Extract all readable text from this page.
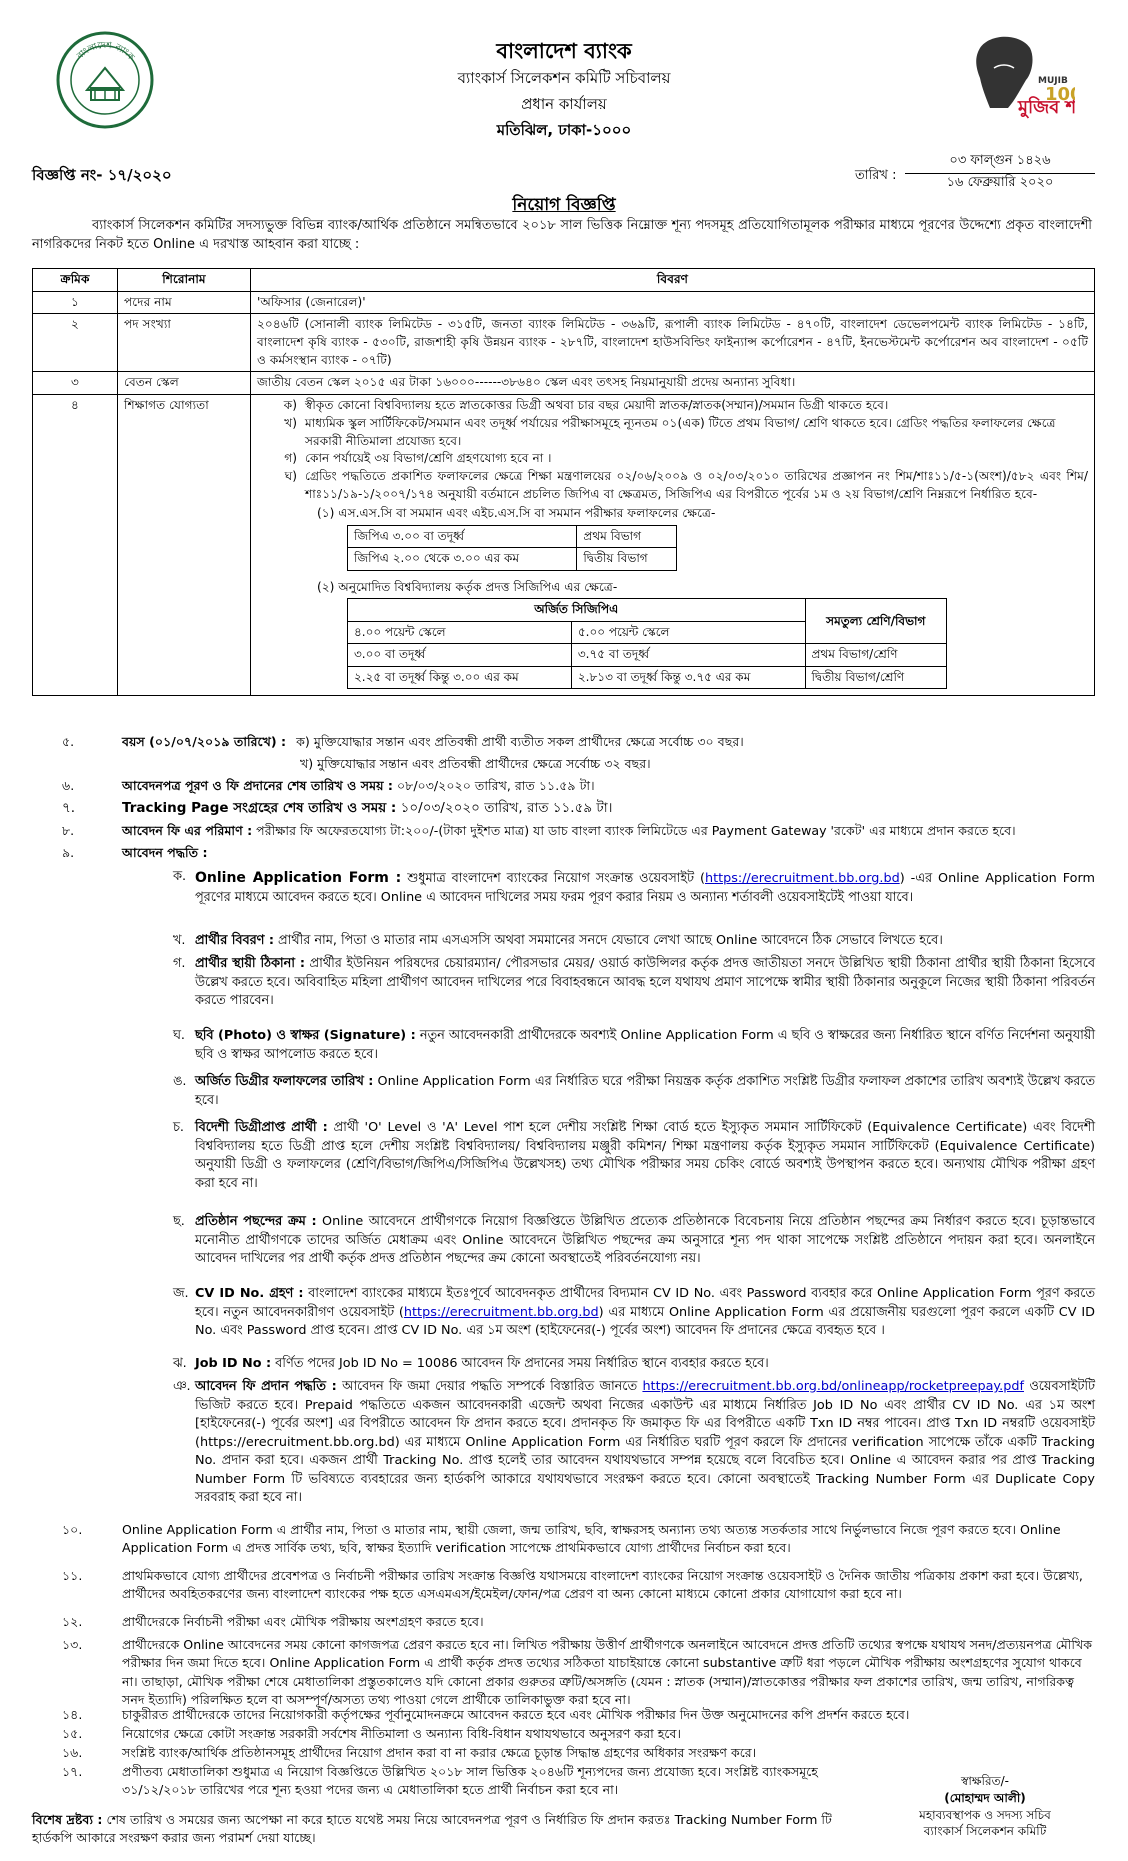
বাংলাদেশ ব্যাংক
মুজিব শ
10
MUJIB
বাংলাদেশ ব্যাংক
ব্যাংকার্স সিলেকশন কমিটি সচিবালয়
প্রধান কার্যালয়
মতিঝিল, ঢাকা-১০০০
বিজ্ঞপ্তি নং- ১৭/২০২০	তারিখ :
০৩ ফাল্গুন ১৪২৬
১৬ ফেব্রুয়ারি ২০২০
নিয়োগ বিজ্ঞপ্তি
ব্যাংকার্স সিলেকশন কমিটির সদস্যভুক্ত বিভিন্ন ব্যাংক/আর্থিক প্রতিষ্ঠানে সমন্বিতভাবে ২০১৮ সাল ভিত্তিক নিম্নোক্ত শূন্য পদসমূহ প্রতিযোগিতামূলক পরীক্ষার মাধ্যমে পূরণের উদ্দেশ্যে প্রকৃত বাংলাদেশী নাগরিকদের নিকট হতে Online এ দরখাস্ত আহবান করা যাচ্ছে :
ক্রমিক	শিরোনাম	বিবরণ
১	পদের নাম	'অফিসার (জেনারেল)'
২	পদ সংখ্যা	২০৪৬টি (সোনালী ব্যাংক লিমিটেড - ৩১৫টি, জনতা ব্যাংক লিমিটেড - ৩৬৯টি, রূপালী ব্যাংক লিমিটেড - ৪৭০টি, বাংলাদেশ ডেভেলপমেন্ট ব্যাংক লিমিটেড - ১৪টি, বাংলাদেশ কৃষি ব্যাংক - ৫৩০টি, রাজশাহী কৃষি উন্নয়ন ব্যাংক - ২৮৭টি, বাংলাদেশ হাউসবিল্ডিং ফাইন্যান্স কর্পোরেশন - ৪৭টি, ইনভেস্টমেন্ট কর্পোরেশন অব বাংলাদেশ - ০৫টি ও কর্মসংস্থান ব্যাংক - ০৭টি)
৩	বেতন স্কেল	জাতীয় বেতন স্কেল ২০১৫ এর টাকা ১৬০০০------৩৮৬৪০ স্কেল এবং তৎসহ নিয়মানুযায়ী প্রদেয় অন্যান্য সুবিধা।
৪	শিক্ষাগত যোগ্যতা	ক) স্বীকৃত কোনো বিশ্ববিদ্যালয় হতে স্নাতকোত্তর ডিগ্রী অথবা চার বছর মেয়াদী স্নাতক/স্নাতক(সম্মান)/সমমান ডিগ্রী থাকতে হবে।
খ) মাধ্যমিক স্কুল সার্টিফিকেট/সমমান এবং তদূর্ধ্ব পর্যায়ের পরীক্ষাসমূহে ন্যূনতম ০১(এক) টিতে প্রথম বিভাগ/ শ্রেণি থাকতে হবে। গ্রেডিং পদ্ধতির ফলাফলের ক্ষেত্রে সরকারী নীতিমালা প্রযোজ্য হবে।
গ) কোন পর্যায়েই ৩য় বিভাগ/শ্রেণি গ্রহণযোগ্য হবে না ।
ঘ) গ্রেডিং পদ্ধতিতে প্রকাশিত ফলাফলের ক্ষেত্রে শিক্ষা মন্ত্রণালয়ের ০২/০৬/২০০৯ ও ০২/০৩/২০১০ তারিখের প্রজ্ঞাপন নং শিম/শাঃ১১/৫-১(অংশ)/৫৮২ এবং শিম/শাঃ১১/১৯-১/২০০৭/১৭৪ অনুযায়ী বর্তমানে প্রচলিত জিপিএ বা ক্ষেত্রমত, সিজিপিএ এর বিপরীতে পূর্বের ১ম ও ২য় বিভাগ/শ্রেণি নিম্নরূপে নির্ধারিত হবে-
(১) এস.এস.সি বা সমমান এবং এইচ.এস.সি বা সমমান পরীক্ষার ফলাফলের ক্ষেত্রে-
জিপিএ ৩.০০ বা তদূর্ধ্ব	প্রথম বিভাগ
জিপিএ ২.০০ থেকে ৩.০০ এর কম	দ্বিতীয় বিভাগ
(২) অনুমোদিত বিশ্ববিদ্যালয় কর্তৃক প্রদত্ত সিজিপিএ এর ক্ষেত্রে-
অর্জিত সিজিপিএ	সমতুল্য শ্রেণি/বিভাগ
৪.০০ পয়েন্ট স্কেলে	৫.০০ পয়েন্ট স্কেলে
৩.০০ বা তদূর্ধ্ব	৩.৭৫ বা তদূর্ধ্ব	প্রথম বিভাগ/শ্রেণি
২.২৫ বা তদূর্ধ্ব কিন্তু ৩.০০ এর কম	২.৮১৩ বা তদূর্ধ্ব কিন্তু ৩.৭৫ এর কম	দ্বিতীয় বিভাগ/শ্রেণি
৫.	বয়স (০১/০৭/২০১৯ তারিখে) : ক) মুক্তিযোদ্ধার সন্তান এবং প্রতিবন্ধী প্রার্থী ব্যতীত সকল প্রার্থীদের ক্ষেত্রে সর্বোচ্চ ৩০ বছর।
খ) মুক্তিযোদ্ধার সন্তান এবং প্রতিবন্ধী প্রার্থীদের ক্ষেত্রে সর্বোচ্চ ৩২ বছর।
৬.	আবেদনপত্র পূরণ ও ফি প্রদানের শেষ তারিখ ও সময় : ০৮/০৩/২০২০ তারিখ, রাত ১১.৫৯ টা।
৭.	Tracking Page সংগ্রহের শেষ তারিখ ও সময় : ১০/০৩/২০২০ তারিখ, রাত ১১.৫৯ টা।
৮.	আবেদন ফি এর পরিমাণ : পরীক্ষার ফি অফেরতযোগ্য টা:২০০/-(টাকা দুইশত মাত্র) যা ডাচ বাংলা ব্যাংক লিমিটেডে এর Payment Gateway 'রকেট' এর মাধ্যমে প্রদান করতে হবে।
৯.	আবেদন পদ্ধতি :
ক. Online Application Form : শুধুমাত্র বাংলাদেশ ব্যাংকের নিয়োগ সংক্রান্ত ওয়েবসাইট (https://erecruitment.bb.org.bd) -এর Online Application Form পূরণের মাধ্যমে আবেদন করতে হবে। Online এ আবেদন দাখিলের সময় ফরম পূরণ করার নিয়ম ও অন্যান্য শর্তাবলী ওয়েবসাইটেই পাওয়া যাবে।
খ. প্রার্থীর বিবরণ : প্রার্থীর নাম, পিতা ও মাতার নাম এসএসসি অথবা সমমানের সনদে যেভাবে লেখা আছে Online আবেদনে ঠিক সেভাবে লিখতে হবে।
গ. প্রার্থীর স্থায়ী ঠিকানা : প্রার্থীর ইউনিয়ন পরিষদের চেয়ারম্যান/ পৌরসভার মেয়র/ ওয়ার্ড কাউন্সিলর কর্তৃক প্রদত্ত জাতীয়তা সনদে উল্লিখিত স্থায়ী ঠিকানা প্রার্থীর স্থায়ী ঠিকানা হিসেবে উল্লেখ করতে হবে। অবিবাহিত মহিলা প্রার্থীগণ আবেদন দাখিলের পরে বিবাহবন্ধনে আবদ্ধ হলে যথাযথ প্রমাণ সাপেক্ষে স্বামীর স্থায়ী ঠিকানার অনুকূলে নিজের স্থায়ী ঠিকানা পরিবর্তন করতে পারবেন।
ঘ. ছবি (Photo) ও স্বাক্ষর (Signature) : নতুন আবেদনকারী প্রার্থীদেরকে অবশ্যই Online Application Form এ ছবি ও স্বাক্ষরের জন্য নির্ধারিত স্থানে বর্ণিত নির্দেশনা অনুযায়ী ছবি ও স্বাক্ষর আপলোড করতে হবে।
ঙ. অর্জিত ডিগ্রীর ফলাফলের তারিখ : Online Application Form এর নির্ধারিত ঘরে পরীক্ষা নিয়ন্ত্রক কর্তৃক প্রকাশিত সংশ্লিষ্ট ডিগ্রীর ফলাফল প্রকাশের তারিখ অবশ্যই উল্লেখ করতে হবে।
চ. বিদেশী ডিগ্রীপ্রাপ্ত প্রার্থী : প্রার্থী 'O' Level ও 'A' Level পাশ হলে দেশীয় সংশ্লিষ্ট শিক্ষা বোর্ড হতে ইস্যুকৃত সমমান সার্টিফিকেট (Equivalence Certificate) এবং বিদেশী বিশ্ববিদ্যালয় হতে ডিগ্রী প্রাপ্ত হলে দেশীয় সংশ্লিষ্ট বিশ্ববিদ্যালয়/ বিশ্ববিদ্যালয় মঞ্জুরী কমিশন/ শিক্ষা মন্ত্রণালয় কর্তৃক ইস্যুকৃত সমমান সার্টিফিকেট (Equivalence Certificate) অনুযায়ী ডিগ্রী ও ফলাফলের (শ্রেণি/বিভাগ/জিপিএ/সিজিপিএ উল্লেখসহ) তথ্য মৌখিক পরীক্ষার সময় চেকিং বোর্ডে অবশ্যই উপস্থাপন করতে হবে। অন্যথায় মৌখিক পরীক্ষা গ্রহণ করা হবে না।
ছ. প্রতিষ্ঠান পছন্দের ক্রম : Online আবেদনে প্রার্থীগণকে নিয়োগ বিজ্ঞপ্তিতে উল্লিখিত প্রত্যেক প্রতিষ্ঠানকে বিবেচনায় নিয়ে প্রতিষ্ঠান পছন্দের ক্রম নির্ধারণ করতে হবে। চূড়ান্তভাবে মনোনীত প্রার্থীগণকে তাদের অর্জিত মেধাক্রম এবং Online আবেদনে উল্লিখিত পছন্দের ক্রম অনুসারে শূন্য পদ থাকা সাপেক্ষে সংশ্লিষ্ট প্রতিষ্ঠানে পদায়ন করা হবে। অনলাইনে আবেদন দাখিলের পর প্রার্থী কর্তৃক প্রদত্ত প্রতিষ্ঠান পছন্দের ক্রম কোনো অবস্থাতেই পরিবর্তনযোগ্য নয়।
জ. CV ID No. গ্রহণ : বাংলাদেশ ব্যাংকের মাধ্যমে ইতঃপূর্বে আবেদনকৃত প্রার্থীদের বিদ্যমান CV ID No. এবং Password ব্যবহার করে Online Application Form পূরণ করতে হবে। নতুন আবেদনকারীগণ ওয়েবসাইট (https://erecruitment.bb.org.bd) এর মাধ্যমে Online Application Form এর প্রয়োজনীয় ঘরগুলো পূরণ করলে একটি CV ID No. এবং Password প্রাপ্ত হবেন। প্রাপ্ত CV ID No. এর ১ম অংশ (হাইফেনের(-) পূর্বের অংশ) আবেদন ফি প্রদানের ক্ষেত্রে ব্যবহৃত হবে ।
ঝ. Job ID No : বর্ণিত পদের Job ID No = 10086 আবেদন ফি প্রদানের সময় নির্ধারিত স্থানে ব্যবহার করতে হবে।
ঞ. আবেদন ফি প্রদান পদ্ধতি : আবেদন ফি জমা দেয়ার পদ্ধতি সম্পর্কে বিস্তারিত জানতে https://erecruitment.bb.org.bd/onlineapp/rocketpreepay.pdf ওয়েবসাইটটি ভিজিট করতে হবে। Prepaid পদ্ধতিতে একজন আবেদনকারী এজেন্ট অথবা নিজের একাউন্ট এর মাধ্যমে নির্ধারিত Job ID No এবং প্রার্থীর CV ID No. এর ১ম অংশ [হাইফেনের(-) পূর্বের অংশ] এর বিপরীতে আবেদন ফি প্রদান করতে হবে। প্রদানকৃত ফি জমাকৃত ফি এর বিপরীতে একটি Txn ID নম্বর পাবেন। প্রাপ্ত Txn ID নম্বরটি ওয়েবসাইট (https://erecruitment.bb.org.bd) এর মাধ্যমে Online Application Form এর নির্ধারিত ঘরটি পূরণ করলে ফি প্রদানের verification সাপেক্ষে তাঁকে একটি Tracking No. প্রদান করা হবে। একজন প্রার্থী Tracking No. প্রাপ্ত হলেই তার আবেদন যথাযথভাবে সম্পন্ন হয়েছে বলে বিবেচিত হবে। Online এ আবেদন করার পর প্রাপ্ত Tracking Number Form টি ভবিষ্যতে ব্যবহারের জন্য হার্ডকপি আকারে যথাযথভাবে সংরক্ষণ করতে হবে। কোনো অবস্থাতেই Tracking Number Form এর Duplicate Copy সরবরাহ করা হবে না।
১০.	Online Application Form এ প্রার্থীর নাম, পিতা ও মাতার নাম, স্থায়ী জেলা, জন্ম তারিখ, ছবি, স্বাক্ষরসহ অন্যান্য তথ্য অত্যন্ত সতর্কতার সাথে নির্ভুলভাবে নিজে পূরণ করতে হবে। Online Application Form এ প্রদত্ত সার্বিক তথ্য, ছবি, স্বাক্ষর ইত্যাদি verification সাপেক্ষে প্রাথমিকভাবে যোগ্য প্রার্থীদের নির্বাচন করা হবে।
১১.	প্রাথমিকভাবে যোগ্য প্রার্থীদের প্রবেশপত্র ও নির্বাচনী পরীক্ষার তারিখ সংক্রান্ত বিজ্ঞপ্তি যথাসময়ে বাংলাদেশ ব্যাংকের নিয়োগ সংক্রান্ত ওয়েবসাইট ও দৈনিক জাতীয় পত্রিকায় প্রকাশ করা হবে। উল্লেখ্য, প্রার্থীদের অবহিতকরণের জন্য বাংলাদেশ ব্যাংকের পক্ষ হতে এসএমএস/ইমেইল/ফোন/পত্র প্রেরণ বা অন্য কোনো মাধ্যমে কোনো প্রকার যোগাযোগ করা হবে না।
১২.	প্রার্থীদেরকে নির্বাচনী পরীক্ষা এবং মৌখিক পরীক্ষায় অংশগ্রহণ করতে হবে।
১৩.	প্রার্থীদেরকে Online আবেদনের সময় কোনো কাগজপত্র প্রেরণ করতে হবে না। লিখিত পরীক্ষায় উত্তীর্ণ প্রার্থীগণকে অনলাইনে আবেদনে প্রদত্ত প্রতিটি তথ্যের স্বপক্ষে যথাযথ সনদ/প্রত্যয়নপত্র মৌখিক পরীক্ষার দিন জমা দিতে হবে। Online Application Form এ প্রার্থী কর্তৃক প্রদত্ত তথ্যের সঠিকতা যাচাইয়ান্তে কোনো substantive ত্রুটি ধরা পড়লে মৌখিক পরীক্ষায় অংশগ্রহণের সুযোগ থাকবে না। তাছাড়া, মৌখিক পরীক্ষা শেষে মেধাতালিকা প্রস্তুতকালেও যদি কোনো প্রকার গুরুতর ত্রুটি/অসঙ্গতি (যেমন : স্নাতক (সম্মান)/স্নাতকোত্তর পরীক্ষার ফল প্রকাশের তারিখ, জন্ম তারিখ, নাগরিকত্ব সনদ ইত্যাদি) পরিলক্ষিত হলে বা অসম্পূর্ণ/অসত্য তথ্য পাওয়া গেলে প্রার্থীকে তালিকাভুক্ত করা হবে না।
১৪.	চাকুরীরত প্রার্থীদেরকে তাদের নিয়োগকারী কর্তৃপক্ষের পূর্বানুমোদনক্রমে আবেদন করতে হবে এবং মৌখিক পরীক্ষার দিন উক্ত অনুমোদনের কপি প্রদর্শন করতে হবে।
১৫.	নিয়োগের ক্ষেত্রে কোটা সংক্রান্ত সরকারী সর্বশেষ নীতিমালা ও অন্যান্য বিধি-বিধান যথাযথভাবে অনুসরণ করা হবে।
১৬.	সংশ্লিষ্ট ব্যাংক/আর্থিক প্রতিষ্ঠানসমূহ প্রার্থীদের নিয়োগ প্রদান করা বা না করার ক্ষেত্রে চূড়ান্ত সিদ্ধান্ত গ্রহণের অধিকার সংরক্ষণ করে।
১৭.	প্রণীতব্য মেধাতালিকা শুধুমাত্র এ নিয়োগ বিজ্ঞপ্তিতে উল্লিখিত ২০১৮ সাল ভিত্তিক ২০৪৬টি শূন্যপদের জন্য প্রযোজ্য হবে। সংশ্লিষ্ট ব্যাংকসমূহে ৩১/১২/২০১৮ তারিখের পরে শূন্য হওয়া পদের জন্য এ মেধাতালিকা হতে প্রার্থী নির্বাচন করা হবে না।
বিশেষ দ্রষ্টব্য : শেষ তারিখ ও সময়ের জন্য অপেক্ষা না করে হাতে যথেষ্ট সময় নিয়ে আবেদনপত্র পূরণ ও নির্ধারিত ফি প্রদান করতঃ Tracking Number Form টি হার্ডকপি আকারে সংরক্ষণ করার জন্য পরামর্শ দেয়া যাচ্ছে।
স্বাক্ষরিত/-
(মোহাম্মদ আলী)
মহাব্যবস্থাপক ও সদস্য সচিব
ব্যাংকার্স সিলেকশন কমিটি
